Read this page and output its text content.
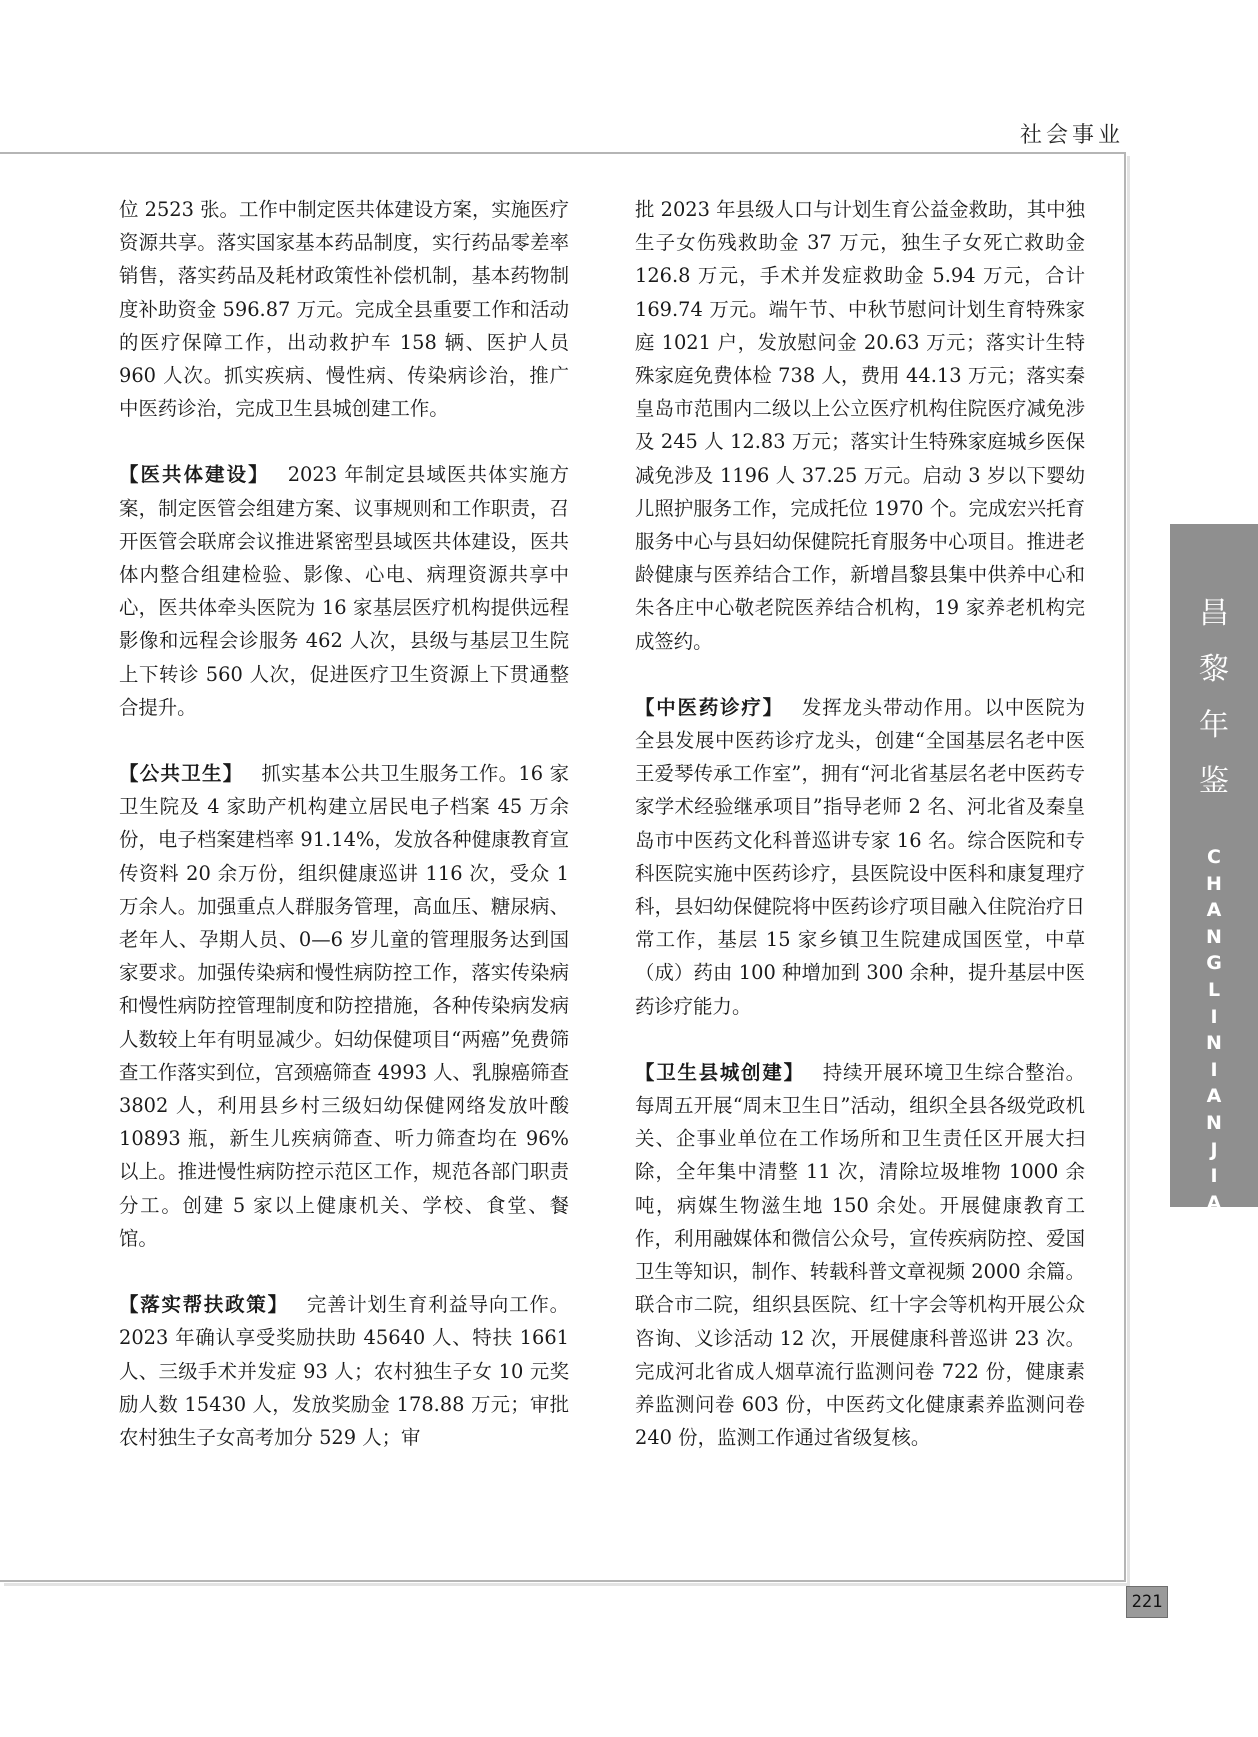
社会事业

位 2523 张。工作中制定医共体建设方案，实施医疗资源共享。落实国家基本药品制度，实行药品零差率销售，落实药品及耗材政策性补偿机制，基本药物制度补助资金 596.87 万元。完成全县重要工作和活动的医疗保障工作，出动救护车 158 辆、医护人员 960 人次。抓实疾病、慢性病、传染病诊治，推广中医药诊治，完成卫生县城创建工作。

【医共体建设】 2023 年制定县域医共体实施方案，制定医管会组建方案、议事规则和工作职责，召开医管会联席会议推进紧密型县域医共体建设，医共体内整合组建检验、影像、心电、病理资源共享中心，医共体牵头医院为 16 家基层医疗机构提供远程影像和远程会诊服务 462 人次，县级与基层卫生院上下转诊 560 人次，促进医疗卫生资源上下贯通整合提升。

【公共卫生】 抓实基本公共卫生服务工作。16 家卫生院及 4 家助产机构建立居民电子档案 45 万余份，电子档案建档率 91.14%，发放各种健康教育宣传资料 20 余万份，组织健康巡讲 116 次，受众 1 万余人。加强重点人群服务管理，高血压、糖尿病、老年人、孕期人员、0—6 岁儿童的管理服务达到国家要求。加强传染病和慢性病防控工作，落实传染病和慢性病防控管理制度和防控措施，各种传染病发病人数较上年有明显减少。妇幼保健项目“两癌”免费筛查工作落实到位，宫颈癌筛查 4993 人、乳腺癌筛查 3802 人，利用县乡村三级妇幼保健网络发放叶酸 10893 瓶，新生儿疾病筛查、听力筛查均在 96% 以上。推进慢性病防控示范区工作，规范各部门职责分工。创建 5 家以上健康机关、学校、食堂、餐馆。

【落实帮扶政策】 完善计划生育利益导向工作。2023 年确认享受奖励扶助 45640 人、特扶 1661 人、三级手术并发症 93 人；农村独生子女 10 元奖励人数 15430 人，发放奖励金 178.88 万元；审批农村独生子女高考加分 529 人；审

批 2023 年县级人口与计划生育公益金救助，其中独生子女伤残救助金 37 万元，独生子女死亡救助金 126.8 万元，手术并发症救助金 5.94 万元，合计 169.74 万元。端午节、中秋节慰问计划生育特殊家庭 1021 户，发放慰问金 20.63 万元；落实计生特殊家庭免费体检 738 人，费用 44.13 万元；落实秦皇岛市范围内二级以上公立医疗机构住院医疗减免涉及 245 人 12.83 万元；落实计生特殊家庭城乡医保减免涉及 1196 人 37.25 万元。启动 3 岁以下婴幼儿照护服务工作，完成托位 1970 个。完成宏兴托育服务中心与县妇幼保健院托育服务中心项目。推进老龄健康与医养结合工作，新增昌黎县集中供养中心和朱各庄中心敬老院医养结合机构，19 家养老机构完成签约。

【中医药诊疗】 发挥龙头带动作用。以中医院为全县发展中医药诊疗龙头，创建“全国基层名老中医王爱琴传承工作室”，拥有“河北省基层名老中医药专家学术经验继承项目”指导老师 2 名、河北省及秦皇岛市中医药文化科普巡讲专家 16 名。综合医院和专科医院实施中医药诊疗，县医院设中医科和康复理疗科，县妇幼保健院将中医药诊疗项目融入住院治疗日常工作，基层 15 家乡镇卫生院建成国医堂，中草（成）药由 100 种增加到 300 余种，提升基层中医药诊疗能力。

【卫生县城创建】 持续开展环境卫生综合整治。每周五开展“周末卫生日”活动，组织全县各级党政机关、企事业单位在工作场所和卫生责任区开展大扫除，全年集中清整 11 次，清除垃圾堆物 1000 余吨，病媒生物滋生地 150 余处。开展健康教育工作，利用融媒体和微信公众号，宣传疾病防控、爱国卫生等知识，制作、转载科普文章视频 2000 余篇。联合市二院，组织县医院、红十字会等机构开展公众咨询、义诊活动 12 次，开展健康科普巡讲 23 次。完成河北省成人烟草流行监测问卷 722 份，健康素养监测问卷 603 份，中医药文化健康素养监测问卷 240 份，监测工作通过省级复核。

昌
黎
年
鉴
C
H
A
N
G
L
I
N
I
A
N
J
I
A
N
221
